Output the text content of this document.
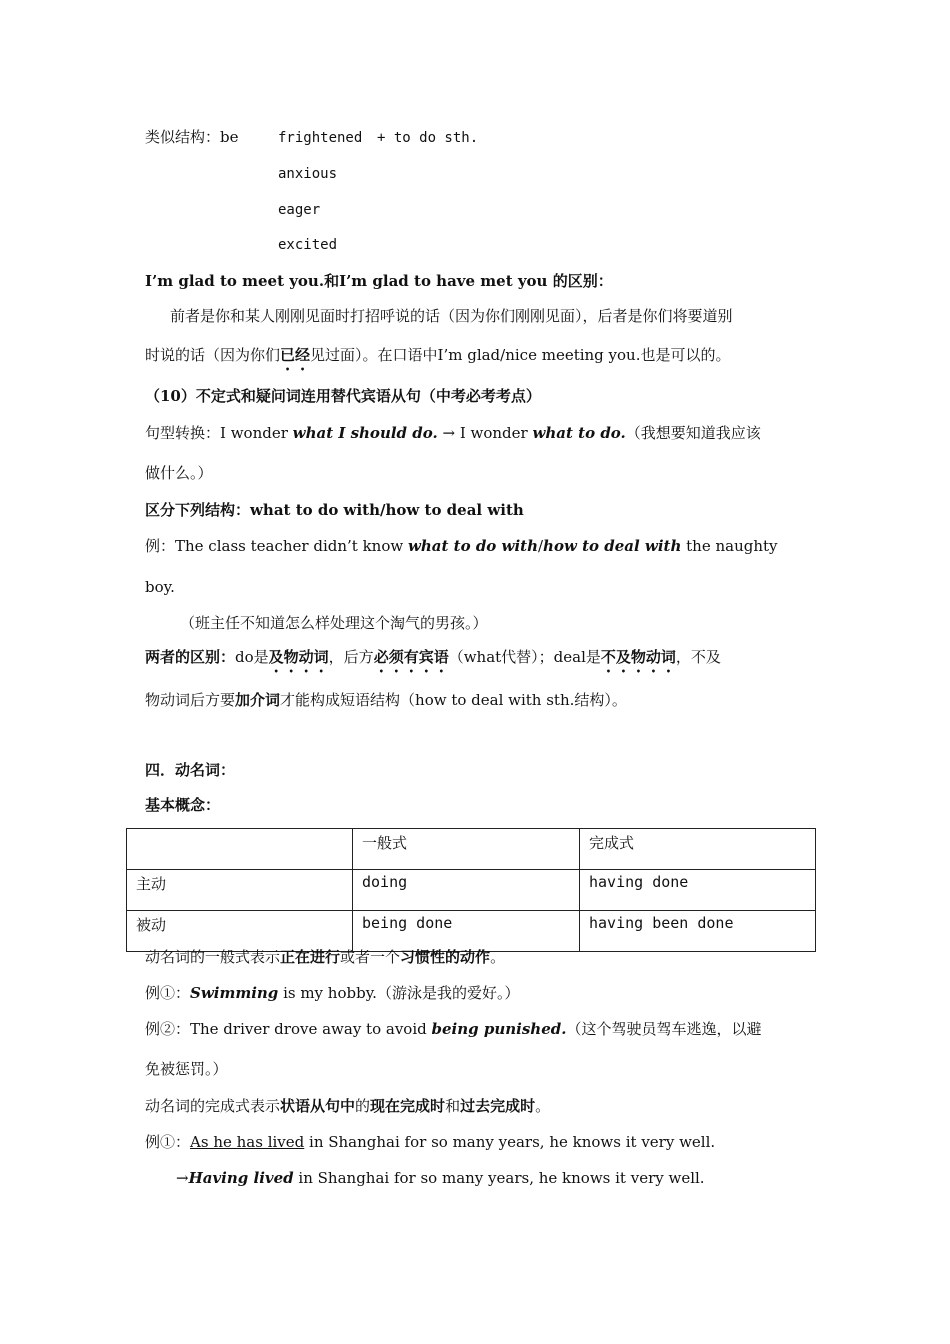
类似结构：be	frightened + to do sth.
anxious
eager
excited
I’m glad to meet you.和I’m glad to have met you 的区别：
前者是你和某人刚刚见面时打招呼说的话（因为你们刚刚见面），后者是你们将要道别
时说的话（因为你们已经见过面）。在口语中I’m glad/nice meeting you.也是可以的。
（10）不定式和疑问词连用替代宾语从句（中考必考考点）
句型转换：I wonder what I should do. → I wonder what to do.（我想要知道我应该
做什么。）
区分下列结构：what to do with/how to deal with
例：The class teacher didn’t know what to do with/how to deal with the naughty
boy.
（班主任不知道怎么样处理这个淘气的男孩。）
两者的区别：do是及物动词，后方必须有宾语（what代替）；deal是不及物动词，不及
物动词后方要加介词才能构成短语结构（how to deal with sth.结构）。
四．动名词：
基本概念：
	一般式	完成式
主动	doing	having done
被动	being done	having been done
动名词的一般式表示正在进行或者一个习惯性的动作。
例①：Swimming is my hobby.（游泳是我的爱好。）
例②：The driver drove away to avoid being punished.（这个驾驶员驾车逃逸，以避
免被惩罚。）
动名词的完成式表示状语从句中的现在完成时和过去完成时。
例①：As he has lived in Shanghai for so many years, he knows it very well.
→Having lived in Shanghai for so many years, he knows it very well.
